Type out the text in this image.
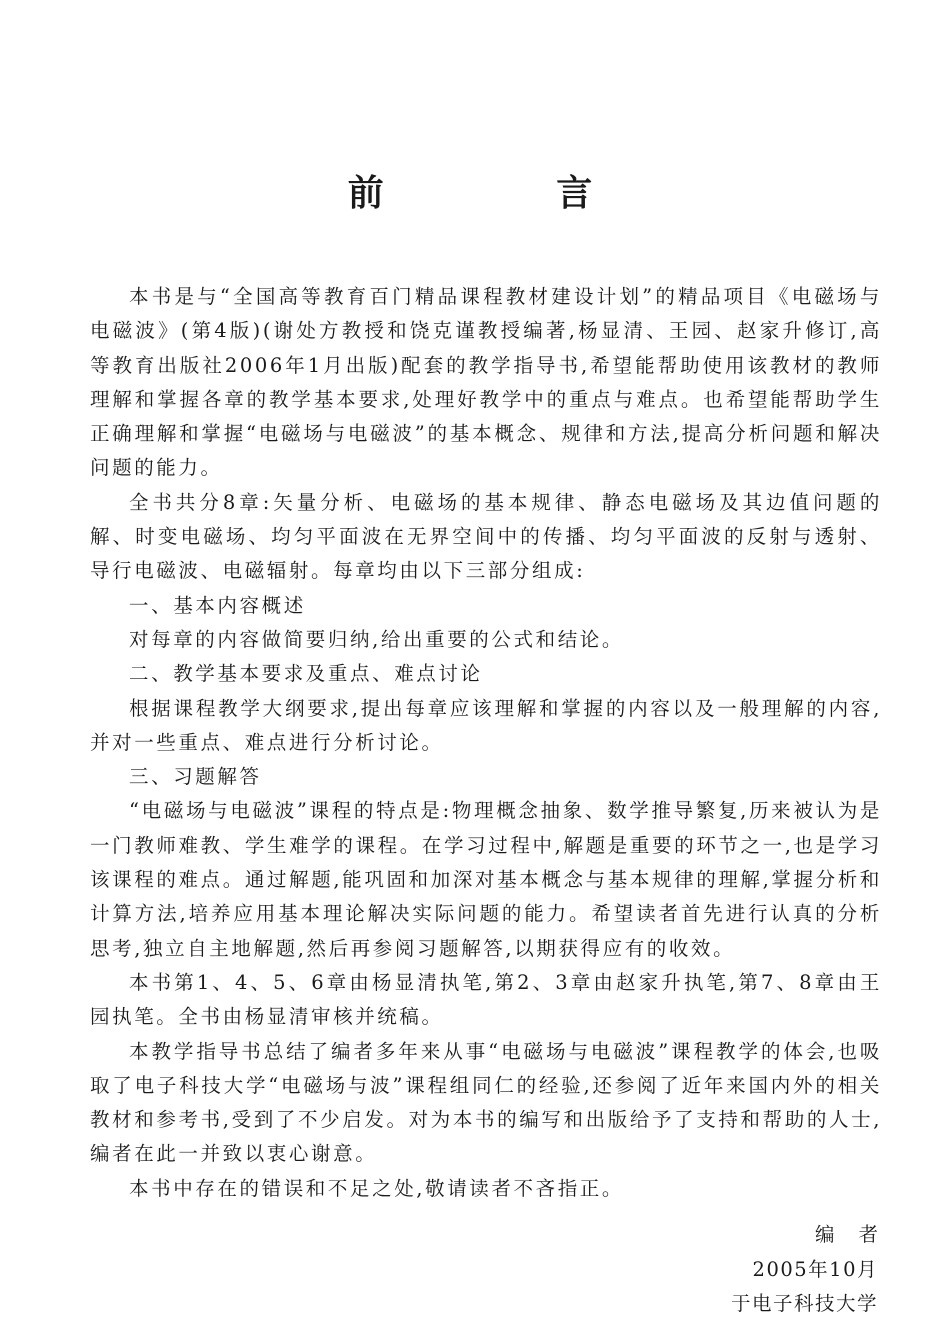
前 言

本书是与“全国高等教育百门精品课程教材建设计划”的精品项目《电磁场与电磁波》(第4版)(谢处方教授和饶克谨教授编著,杨显清、王园、赵家升修订,高等教育出版社2006年1月出版)配套的教学指导书,希望能帮助使用该教材的教师理解和掌握各章的教学基本要求,处理好教学中的重点与难点。也希望能帮助学生正确理解和掌握“电磁场与电磁波”的基本概念、规律和方法,提高分析问题和解决问题的能力。

全书共分8章:矢量分析、电磁场的基本规律、静态电磁场及其边值问题的解、时变电磁场、均匀平面波在无界空间中的传播、均匀平面波的反射与透射、导行电磁波、电磁辐射。每章均由以下三部分组成:

一、基本内容概述

对每章的内容做简要归纳,给出重要的公式和结论。

二、教学基本要求及重点、难点讨论

根据课程教学大纲要求,提出每章应该理解和掌握的内容以及一般理解的内容,并对一些重点、难点进行分析讨论。

三、习题解答

“电磁场与电磁波”课程的特点是:物理概念抽象、数学推导繁复,历来被认为是一门教师难教、学生难学的课程。在学习过程中,解题是重要的环节之一,也是学习该课程的难点。通过解题,能巩固和加深对基本概念与基本规律的理解,掌握分析和计算方法,培养应用基本理论解决实际问题的能力。希望读者首先进行认真的分析思考,独立自主地解题,然后再参阅习题解答,以期获得应有的收效。

本书第1、4、5、6章由杨显清执笔,第2、3章由赵家升执笔,第7、8章由王园执笔。全书由杨显清审核并统稿。

本教学指导书总结了编者多年来从事“电磁场与电磁波”课程教学的体会,也吸取了电子科技大学“电磁场与波”课程组同仁的经验,还参阅了近年来国内外的相关教材和参考书,受到了不少启发。对为本书的编写和出版给予了支持和帮助的人士,编者在此一并致以衷心谢意。

本书中存在的错误和不足之处,敬请读者不吝指正。

编者
2005年10月
于电子科技大学
